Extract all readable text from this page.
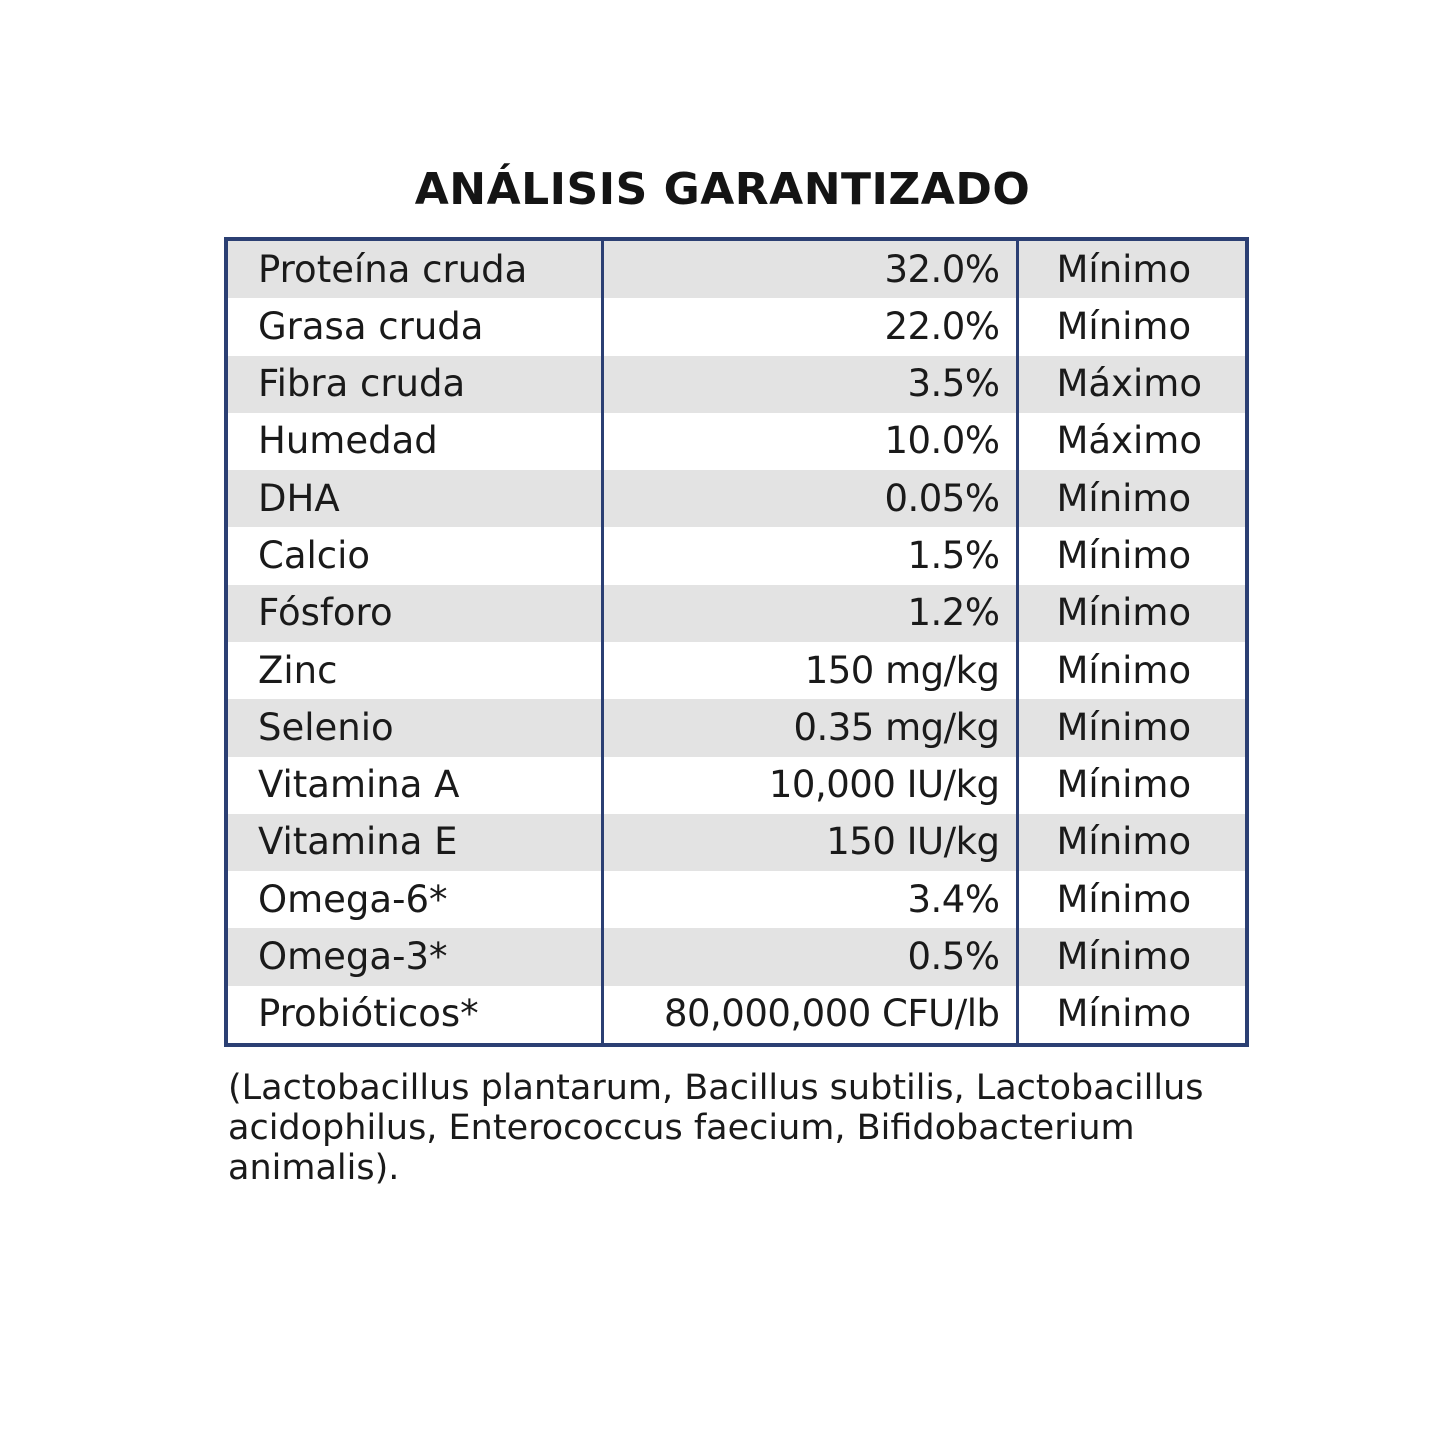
ANÁLISIS GARANTIZADO
Proteína cruda	32.0%	Mínimo
Grasa cruda	22.0%	Mínimo
Fibra cruda	3.5%	Máximo
Humedad	10.0%	Máximo
DHA	0.05%	Mínimo
Calcio	1.5%	Mínimo
Fósforo	1.2%	Mínimo
Zinc	150 mg/kg	Mínimo
Selenio	0.35 mg/kg	Mínimo
Vitamina A	10,000 IU/kg	Mínimo
Vitamina E	150 IU/kg	Mínimo
Omega-6*	3.4%	Mínimo
Omega-3*	0.5%	Mínimo
Probióticos*	80,000,000 CFU/lb	Mínimo
(Lactobacillus plantarum, Bacillus subtilis, Lactobacillus acidophilus, Enterococcus faecium, Bifidobacterium animalis).
